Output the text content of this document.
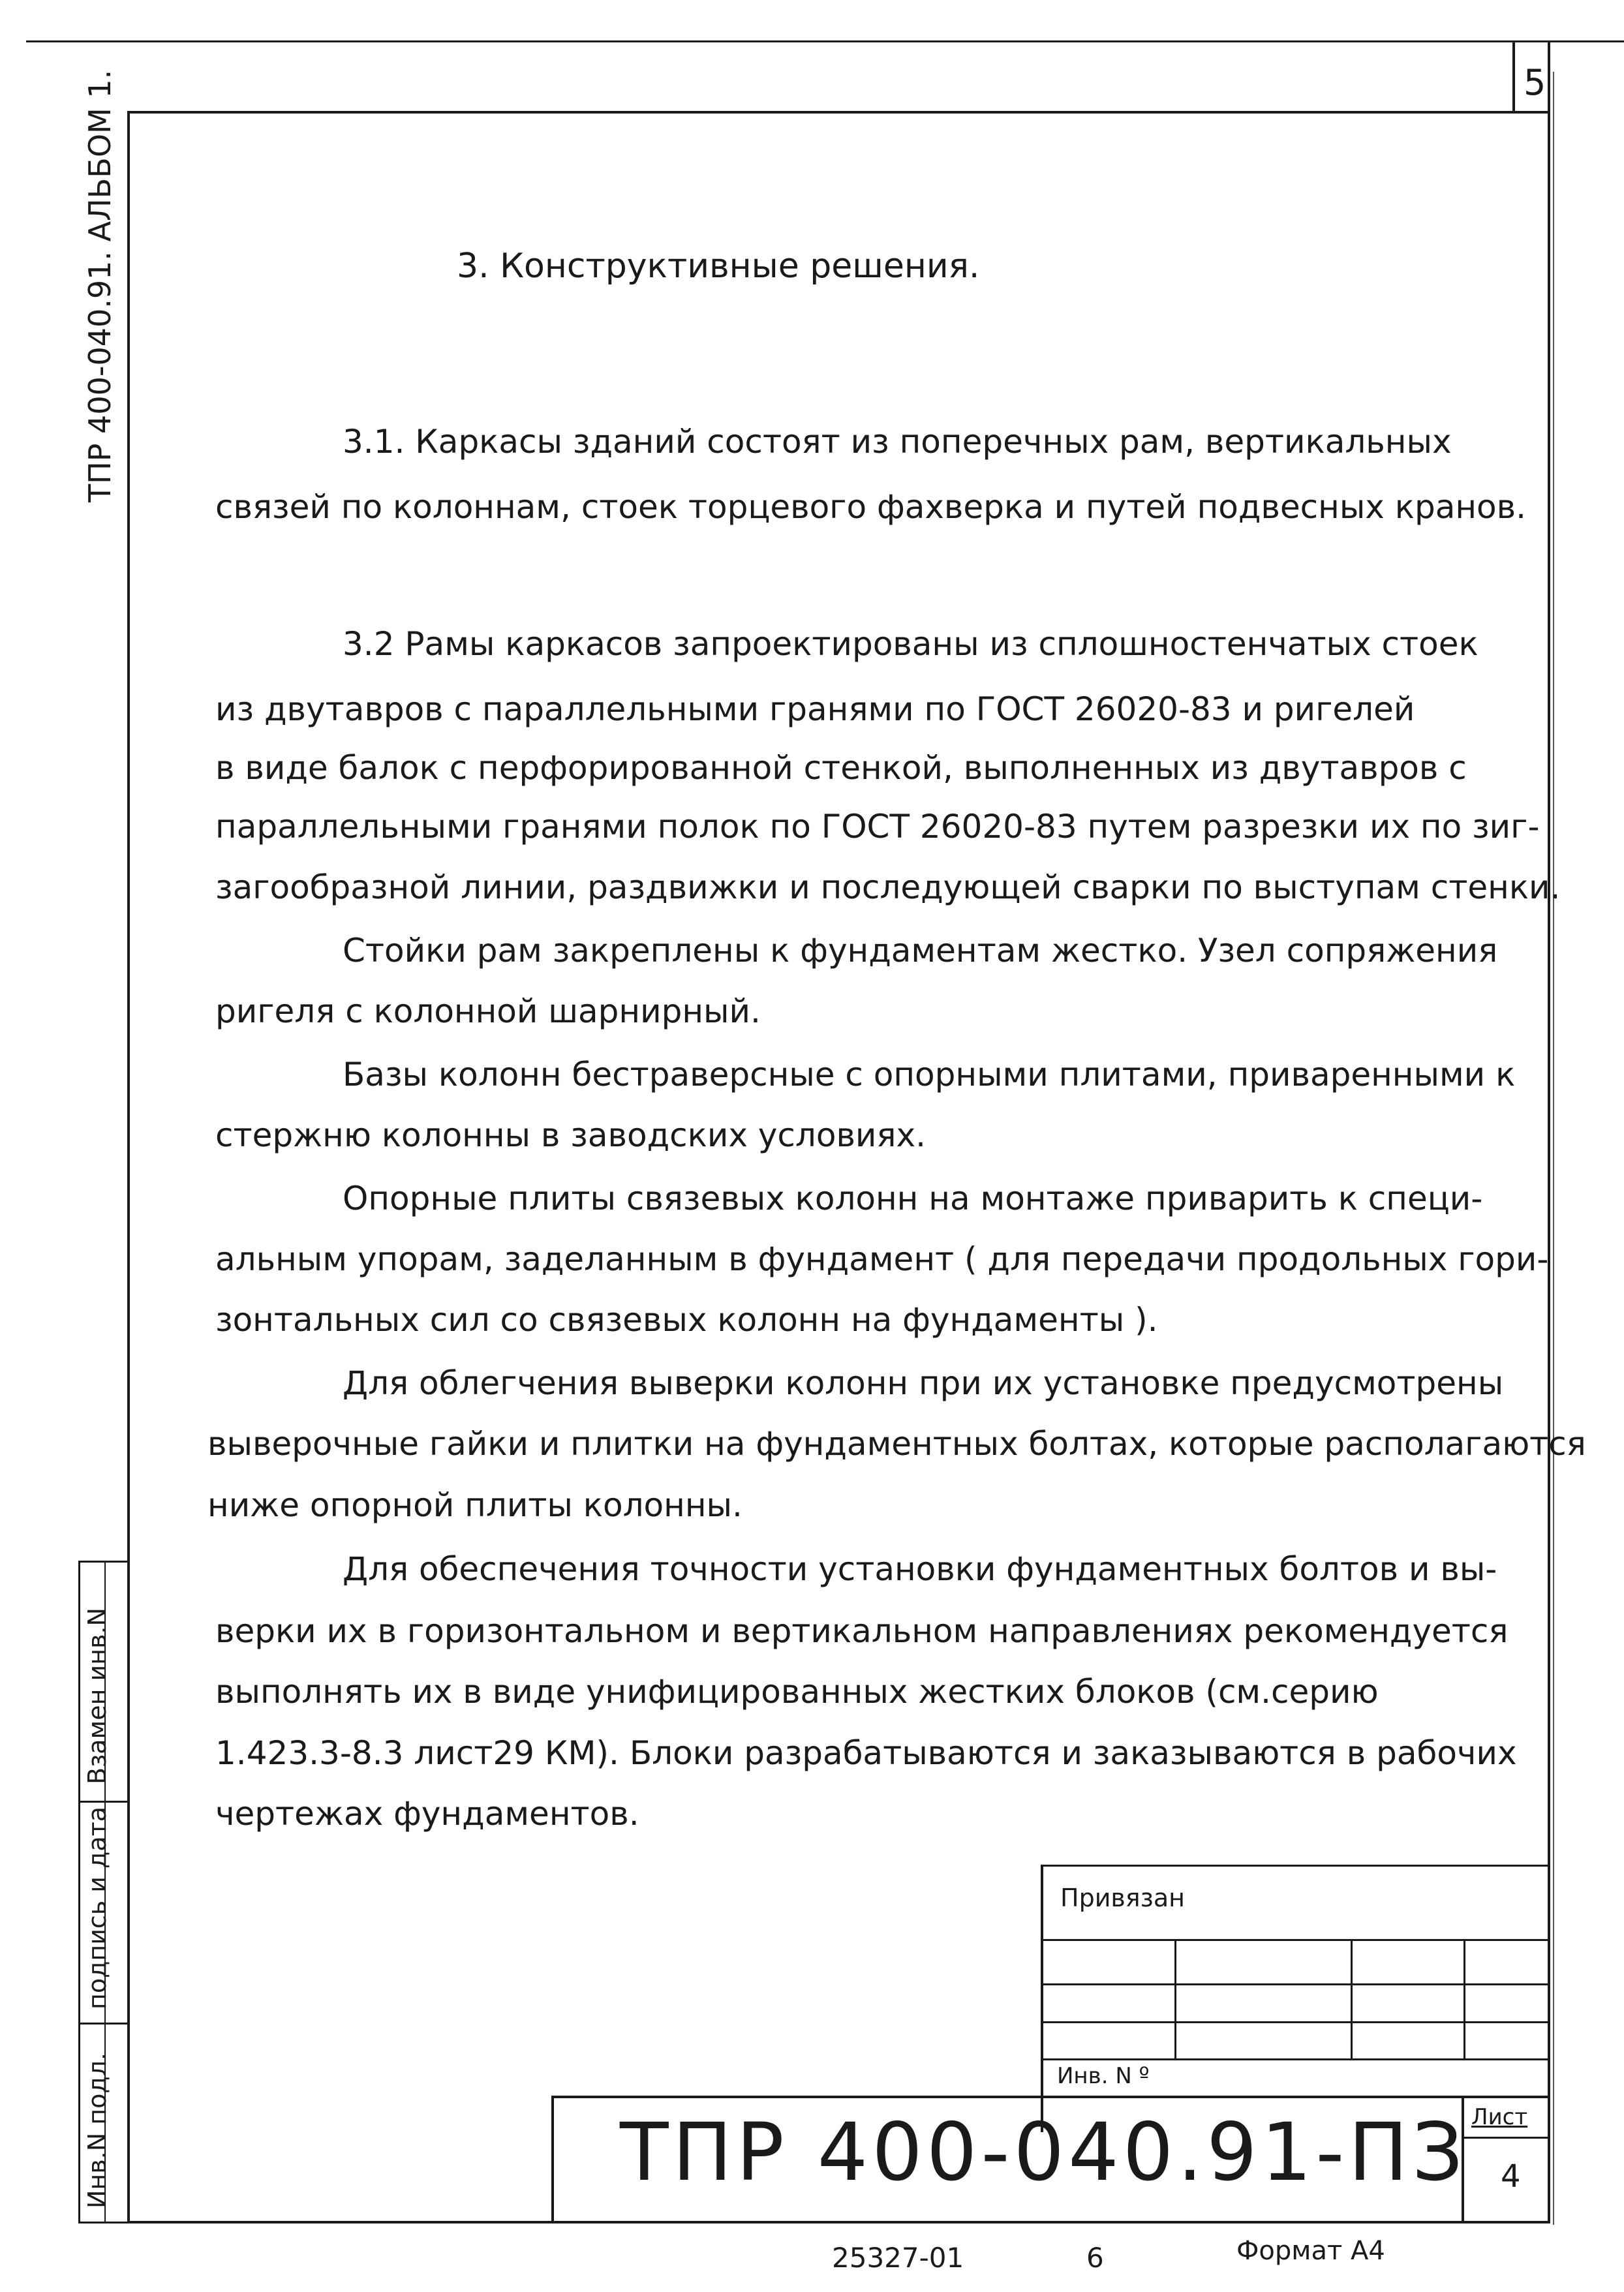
5
ТПР 400-040.91. АЛЬБОМ 1.
Взамен инв.N
подпись и дата
Инв.N подл.
3. Конструктивные решения.
3.1. Каркасы зданий состоят из поперечных рам, вертикальных
связей по колоннам, стоек торцевого фахверка и путей подвесных кранов.
3.2 Рамы каркасов запроектированы из сплошностенчатых стоек
из двутавров с параллельными гранями по ГОСТ 26020-83 и ригелей
в виде балок с перфорированной стенкой, выполненных из двутавров с
параллельными гранями полок по ГОСТ 26020-83 путем разрезки их по зиг-
загообразной линии, раздвижки и последующей сварки по выступам стенки.
Стойки рам закреплены к фундаментам жестко. Узел сопряжения
ригеля с колонной шарнирный.
Базы колонн бестраверсные с опорными плитами, приваренными к
стержню колонны в заводских условиях.
Опорные плиты связевых колонн на монтаже приварить к специ-
альным упорам, заделанным в фундамент ( для передачи продольных гори-
зонтальных сил со связевых колонн на фундаменты ).
Для облегчения выверки колонн при их установке предусмотрены
выверочные гайки и плитки на фундаментных болтах, которые располагаются
ниже опорной плиты колонны.
Для обеспечения точности установки фундаментных болтов и вы-
верки их в горизонтальном и вертикальном направлениях рекомендуется
выполнять их в виде унифицированных жестких блоков (см.серию
1.423.3-8.3 лист29 КМ). Блоки разрабатываются и заказываются в рабочих
чертежах фундаментов.
Привязан
Инв. N º
ТПР 400-040.91-ПЗ Лист
4
25327-01	6	Формат А4
